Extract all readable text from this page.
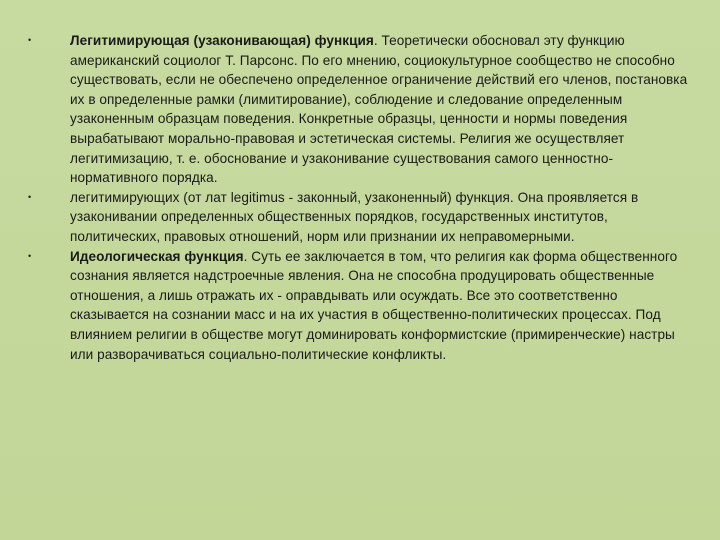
•	Легитимирующая (узаконивающая) функция. Теоретически обосновал эту функцию американский социолог Т. Парсонс. По его мнению, социокультурное сообщество не способно существовать, если не обеспечено определенное ограничение действий его членов, постановка их в определенные рамки (лимитирование), соблюдение и следование определенным узаконенным образцам поведения. Конкретные образцы, ценности и нормы поведения вырабатывают морально-правовая и эстетическая системы. Религия же осуществляет легитимизацию, т. е. обоснование и узаконивание существования самого ценностно-нормативного порядка.
•	легитимирующих (от лат legitimus - законный, узаконенный) функция. Она проявляется в узаконивании определенных общественных порядков, государственных институтов, политических, правовых отношений, норм или признании их неправомерными.
•	Идеологическая функция. Суть ее заключается в том, что религия как форма общественного сознания является надстроечные явления. Она не способна продуцировать общественные отношения, а лишь отражать их - оправдывать или осуждать. Все это соответственно сказывается на сознании масс и на их участия в общественно-политических процессах. Под влиянием религии в обществе могут доминировать конформистские (примиренческие) настры или разворачиваться социально-политические конфликты.
